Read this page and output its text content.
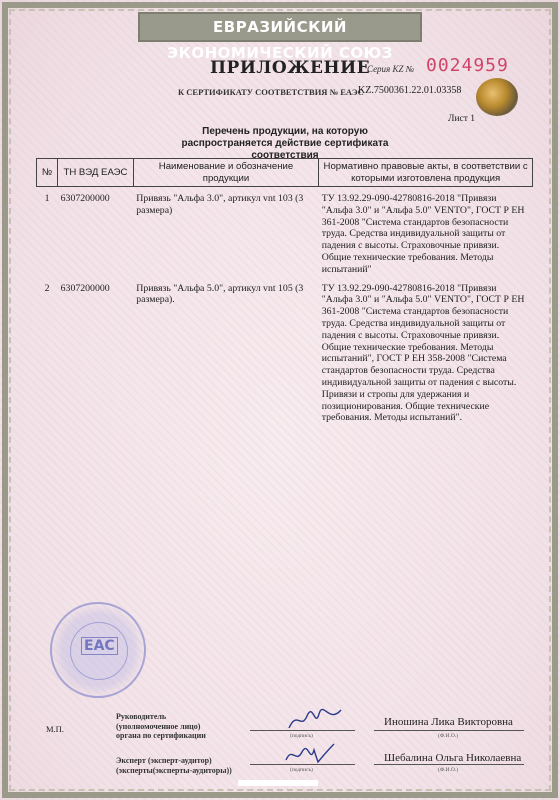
ЕВРАЗИЙСКИЙ ЭКОНОМИЧЕСКИЙ СОЮЗ
ПРИЛОЖЕНИЕ
Серия KZ № 0024959
К СЕРТИФИКАТУ СООТВЕТСТВИЯ № ЕАЭС
KZ.7500361.22.01.03358
Лист 1
Перечень продукции, на которую
распространяется действие сертификата соответствия
№	ТН ВЭД ЕАЭС	Наименование и обозначение продукции	Нормативно правовые акты, в соответствии с которыми изготовлена продукция
1	6307200000	Привязь "Альфа 3.0", артикул vnt 103 (3 размера)	ТУ 13.92.29-090-42780816-2018 "Привязи "Альфа 3.0" и "Альфа 5.0" VENTO", ГОСТ Р ЕН 361-2008 "Система стандартов безопасности труда. Средства индивидуальной защиты от падения с высоты. Страховочные привязи. Общие технические требования. Методы испытаний"
2	6307200000	Привязь "Альфа 5.0", артикул vnt 105 (3 размера).	ТУ 13.92.29-090-42780816-2018 "Привязи "Альфа 3.0" и "Альфа 5.0" VENTO", ГОСТ Р ЕН 361-2008 "Система стандартов безопасности труда. Средства индивидуальной защиты от падения с высоты. Страховочные привязи. Общие технические требования. Методы испытаний", ГОСТ Р ЕН 358-2008 "Система стандартов безопасности труда. Средства индивидуальной защиты от падения с высоты. Привязи и стропы для удержания и позиционирования. Общие технические требования. Методы испытаний".
ЕАС
М.П.
Руководитель
(уполномоченное лицо)
органа по сертификации	(подпись)
Иношина Лика Викторовна
(Ф.И.О.)
Эксперт (эксперт-аудитор)
(эксперты(эксперты-аудиторы))	(подпись)
Шебалина Ольга Николаевна
(Ф.И.О.)
